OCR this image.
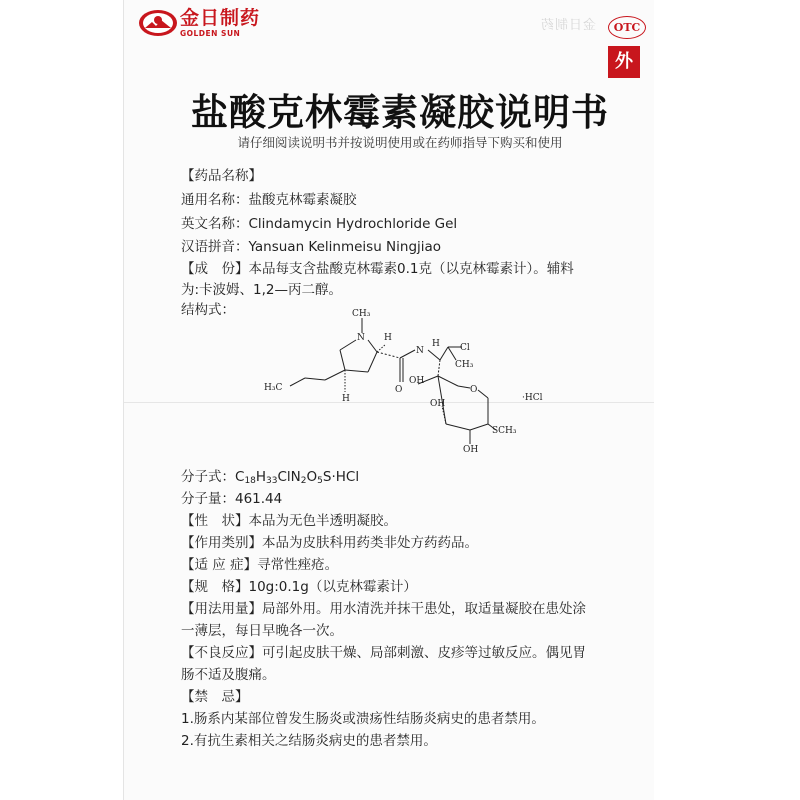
金日制药
GOLDEN SUN
金日制药	OTC
外
盐酸克林霉素凝胶说明书
请仔细阅读说明书并按说明使用或在药师指导下购买和使用
【药品名称】
通用名称：盐酸克林霉素凝胶
英文名称：Clindamycin Hydrochloride Gel
汉语拼音：Yansuan Kelinmeisu Ningjiao
【成　份】本品每支含盐酸克林霉素0.1克（以克林霉素计）。辅料
为:卡波姆、1,2—丙二醇。
结构式：	CH₃
N H
N
H Cl
CH₃
H₃C	O
OH
O
·HCl
OH
H
SCH₃
OH
分子式：$C_{18}H_{33}ClN_2O_5S\cdot HCl$
分子量：461.44
【性　状】本品为无色半透明凝胶。
【作用类别】本品为皮肤科用药类非处方药药品。
【适 应 症】寻常性痤疮。
【规　格】10g:0.1g（以克林霉素计）
【用法用量】局部外用。用水清洗并抹干患处，取适量凝胶在患处涂
一薄层，每日早晚各一次。
【不良反应】可引起皮肤干燥、局部刺激、皮疹等过敏反应。偶见胃
肠不适及腹痛。
【禁　忌】
1.肠系内某部位曾发生肠炎或溃疡性结肠炎病史的患者禁用。
2.有抗生素相关之结肠炎病史的患者禁用。
